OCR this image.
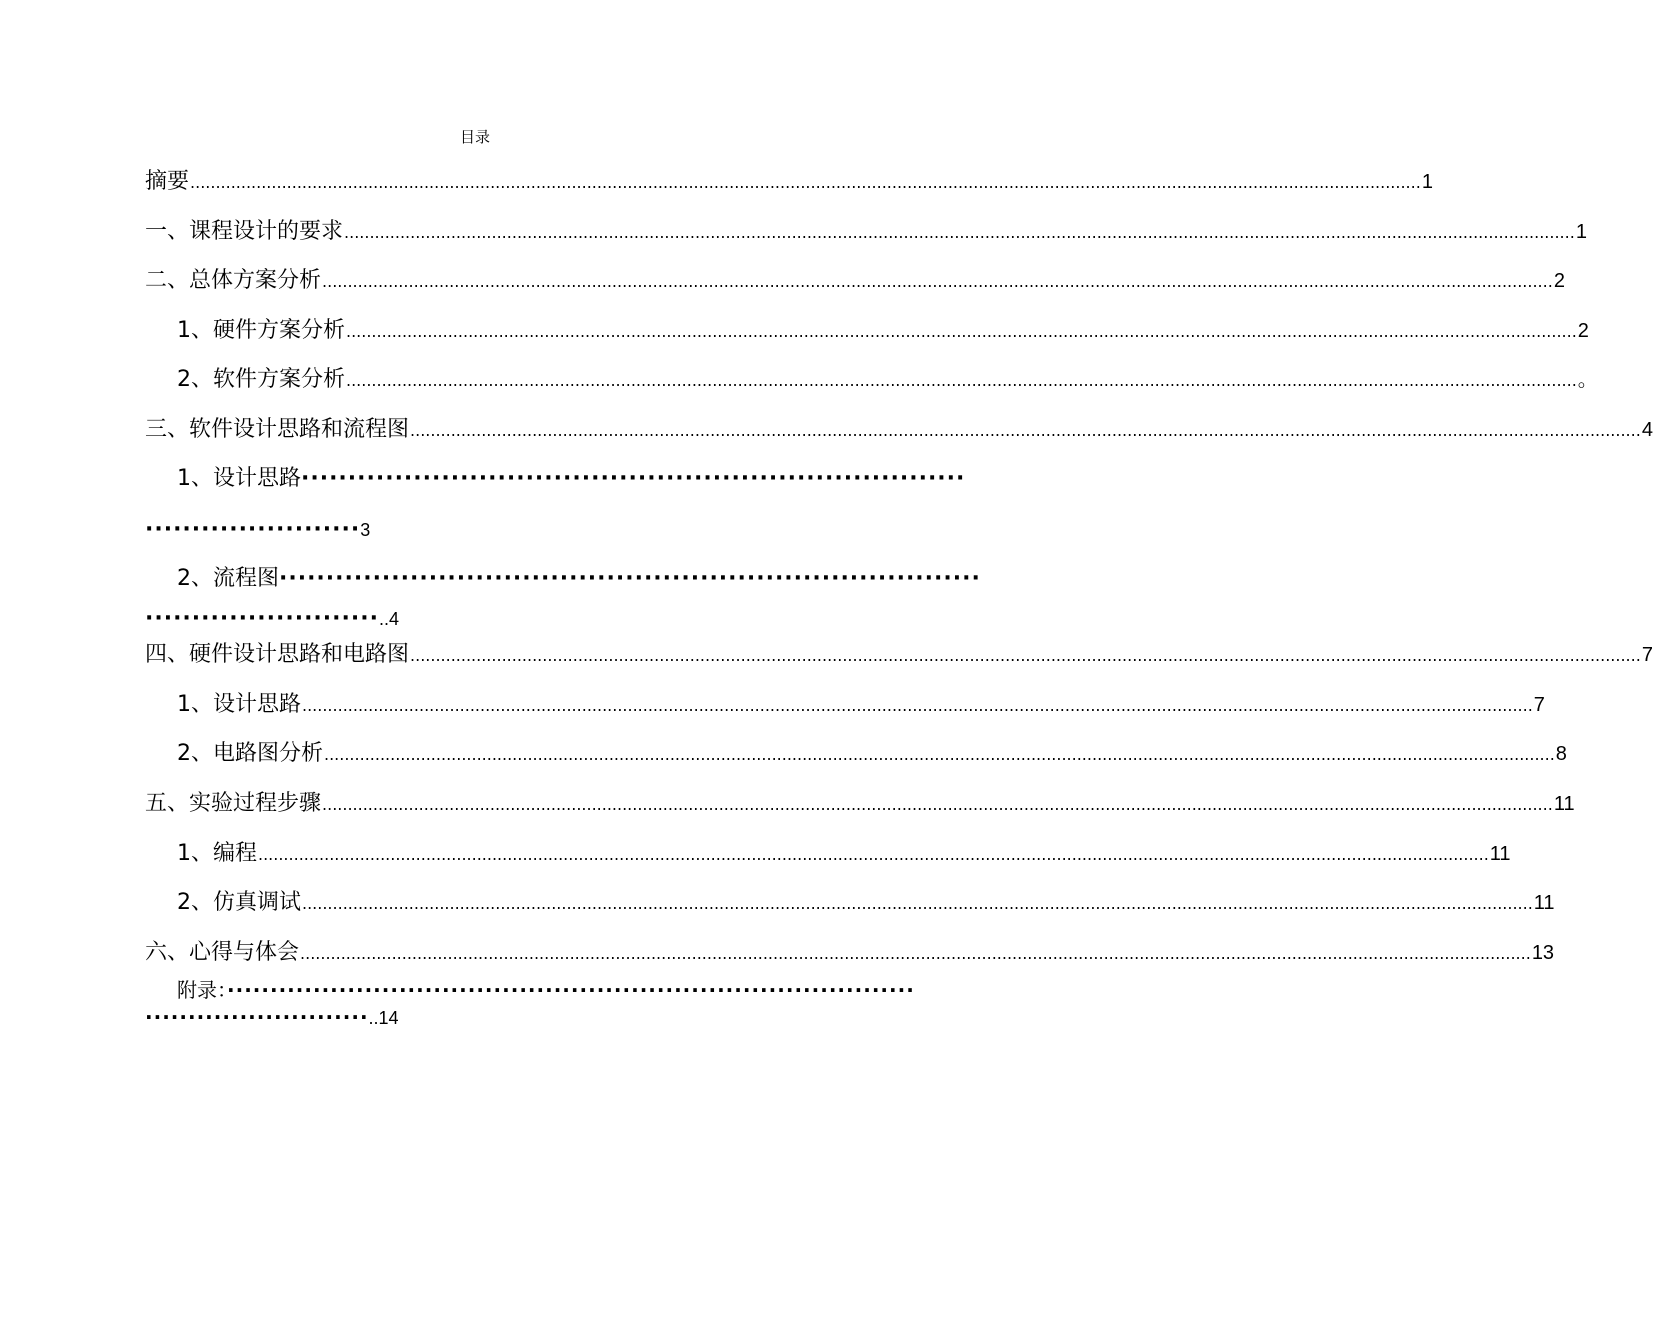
目录
摘要 .....	1
一、课程设计的要求 .....	1
二、总体方案分析 .....	2
1、硬件方案分析 .....	2
2、软件方案分析 .....	。
三、软件设计思路和流程图 .....	4
1、设计思路·······································································
·······················3
2、流程图···········································································
·························..4
四、硬件设计思路和电路图 .....	7
1、设计思路 .....	7
2、电路图分析 .....	8
五、实验过程步骤 .....	11
1、编程 .....	11
2、仿真调试 .....	11
六、心得与体会 .....	13
附录：················································································
··························..14
